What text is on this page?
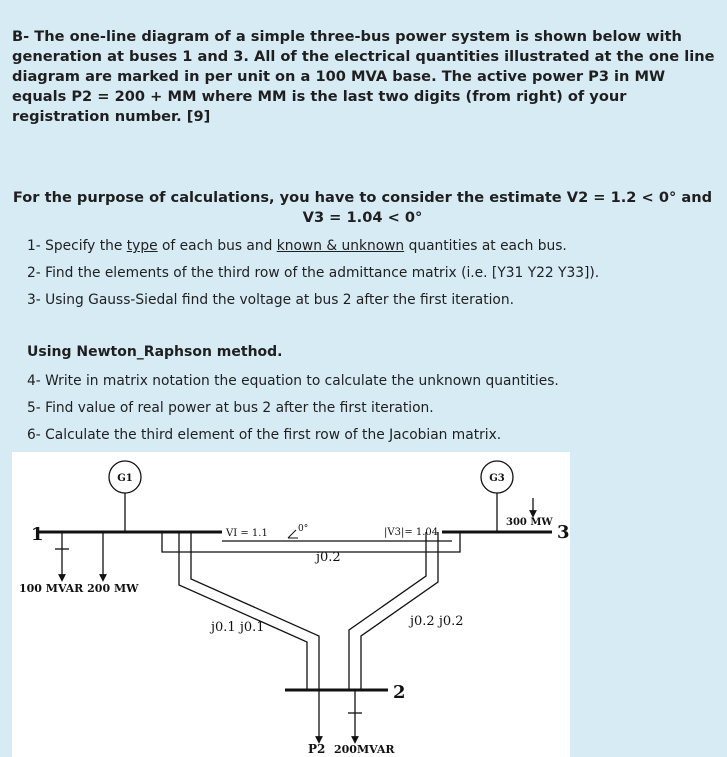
B- The one-line diagram of a simple three-bus power system is shown below with generation at buses 1 and 3. All of the electrical quantities illustrated at the one line diagram are marked in per unit on a 100 MVA base. The active power P3 in MW equals P2 = 200 + MM where MM is the last two digits (from right) of your registration number. [9]
For the purpose of calculations, you have to consider the estimate V2 = 1.2 < 0° and V3 = 1.04 < 0°
1- Specify the type of each bus and known & unknown quantities at each bus.
2- Find the elements of the third row of the admittance matrix (i.e. [Y31 Y22 Y33]).
3- Using Gauss-Siedal find the voltage at bus 2 after the first iteration.
Using Newton_Raphson method.
4- Write in matrix notation the equation to calculate the unknown quantities.
5- Find value of real power at bus 2 after the first iteration.
6- Calculate the third element of the first row of the Jacobian matrix.
G1	G3
1	3
2
VI = 1.1	0°	|V3|= 1.04
j0.2
j0.1 j0.1	j0.2 j0.2
100 MVAR 200 MW
300 MW
P2 200MVAR
